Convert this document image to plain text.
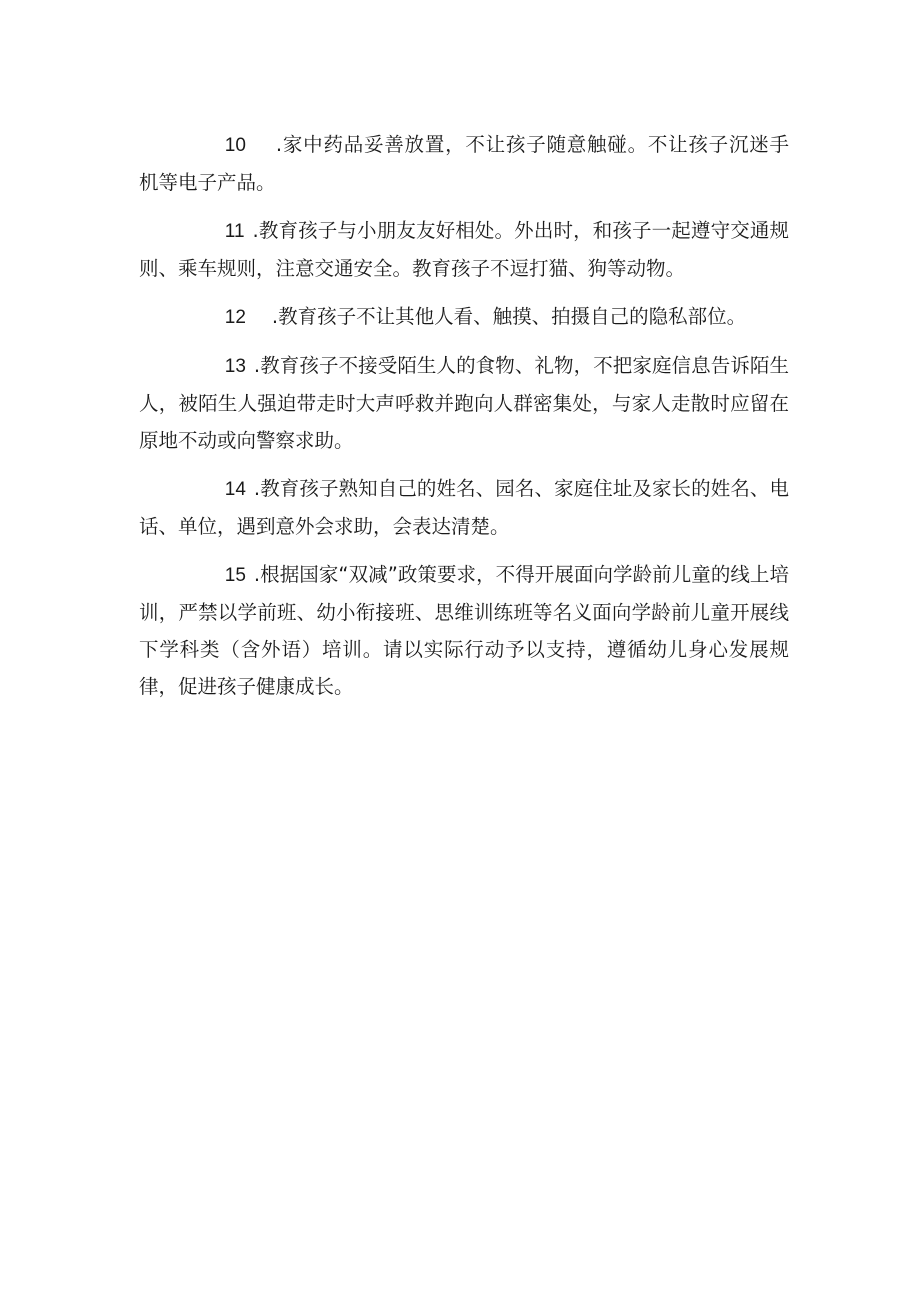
10 .家中药品妥善放置，不让孩子随意触碰。不让孩子沉迷手机等电子产品。

11 .教育孩子与小朋友友好相处。外出时，和孩子一起遵守交通规则、乘车规则，注意交通安全。教育孩子不逗打猫、狗等动物。

12 .教育孩子不让其他人看、触摸、拍摄自己的隐私部位。

13 .教育孩子不接受陌生人的食物、礼物，不把家庭信息告诉陌生人，被陌生人强迫带走时大声呼救并跑向人群密集处，与家人走散时应留在原地不动或向警察求助。

14 .教育孩子熟知自己的姓名、园名、家庭住址及家长的姓名、电话、单位，遇到意外会求助，会表达清楚。

15 .根据国家“双减”政策要求，不得开展面向学龄前儿童的线上培训，严禁以学前班、幼小衔接班、思维训练班等名义面向学龄前儿童开展线下学科类（含外语）培训。请以实际行动予以支持，遵循幼儿身心发展规律，促进孩子健康成长。
